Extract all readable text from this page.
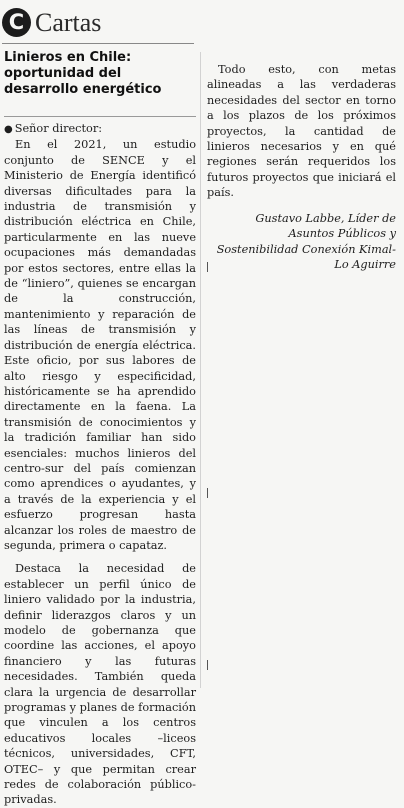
C Cartas
Linieros en Chile: oportunidad del desarrollo energético

● Señor director:

En el 2021, un estudio conjunto de SENCE y el Ministerio de Energía identificó diversas dificultades para la industria de transmisión y distribución eléctrica en Chile, particularmente en las nueve ocupaciones más demandadas por estos sectores, entre ellas la de “liniero”, quienes se encargan de la construcción, mantenimiento y reparación de las líneas de transmisión y distribución de energía eléctrica. Este oficio, por sus labores de alto riesgo y especificidad, históricamente se ha aprendido directamente en la faena. La transmisión de conocimientos y la tradición familiar han sido esenciales: muchos linieros del centro-sur del país comienzan como aprendices o ayudantes, y a través de la experiencia y el esfuerzo progresan hasta alcanzar los roles de maestro de segunda, primera o capataz.

Destaca la necesidad de establecer un perfil único de liniero validado por la industria, definir liderazgos claros y un modelo de gobernanza que coordine las acciones, el apoyo financiero y las futuras necesidades. También queda clara la urgencia de desarrollar programas y planes de formación que vinculen a los centros educativos locales –liceos técnicos, universidades, CFT, OTEC– y que permitan crear redes de colaboración público-privadas.

Todo esto, con metas alineadas a las verdaderas necesidades del sector en torno a los plazos de los próximos proyectos, la cantidad de linieros necesarios y en qué regiones serán requeridos los futuros proyectos que iniciará el país.

Gustavo Labbe, Líder de Asuntos Públicos y Sostenibilidad Conexión Kimal-Lo Aguirre
